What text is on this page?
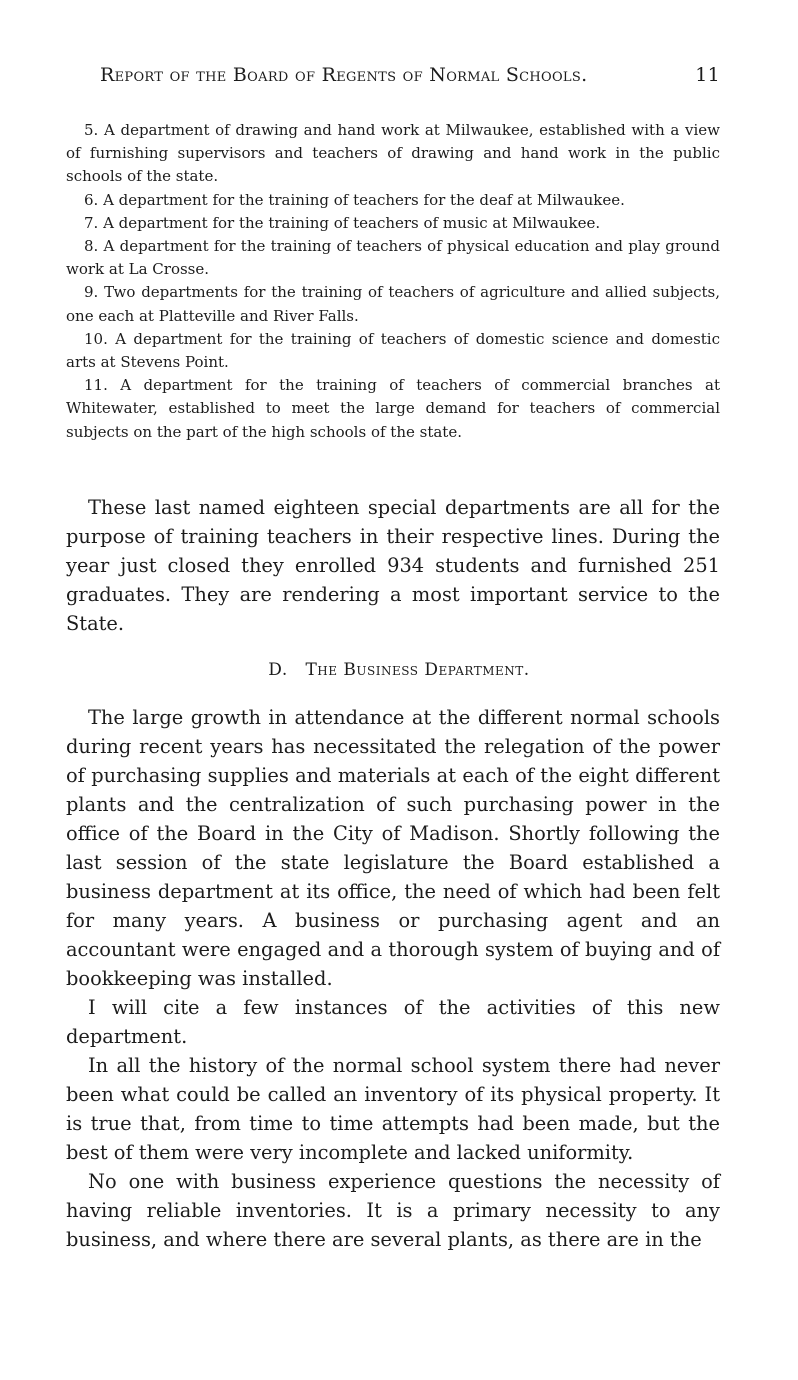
Report of the Board of Regents of Normal Schools.	11

5. A department of drawing and hand work at Milwaukee, established with a view of furnishing supervisors and teachers of drawing and hand work in the public schools of the state.

6. A department for the training of teachers for the deaf at Milwaukee.

7. A department for the training of teachers of music at Milwaukee.

8. A department for the training of teachers of physical education and play ground work at La Crosse.

9. Two departments for the training of teachers of agriculture and allied subjects, one each at Platteville and River Falls.

10. A department for the training of teachers of domestic science and domestic arts at Stevens Point.

11. A department for the training of teachers of commercial branches at Whitewater, established to meet the large demand for teachers of commercial subjects on the part of the high schools of the state.

These last named eighteen special departments are all for the purpose of training teachers in their respective lines. During the year just closed they enrolled 934 students and furnished 251 graduates. They are rendering a most important service to the State.

D. The Business Department.

The large growth in attendance at the different normal schools during recent years has necessitated the relegation of the power of purchasing supplies and materials at each of the eight different plants and the centralization of such purchasing power in the office of the Board in the City of Madison. Shortly following the last session of the state legislature the Board established a business department at its office, the need of which had been felt for many years. A business or purchasing agent and an accountant were engaged and a thorough system of buying and of bookkeeping was installed.

I will cite a few instances of the activities of this new department.

In all the history of the normal school system there had never been what could be called an inventory of its physical property. It is true that, from time to time attempts had been made, but the best of them were very incomplete and lacked uniformity.

No one with business experience questions the necessity of having reliable inventories. It is a primary necessity to any business, and where there are several plants, as there are in the
